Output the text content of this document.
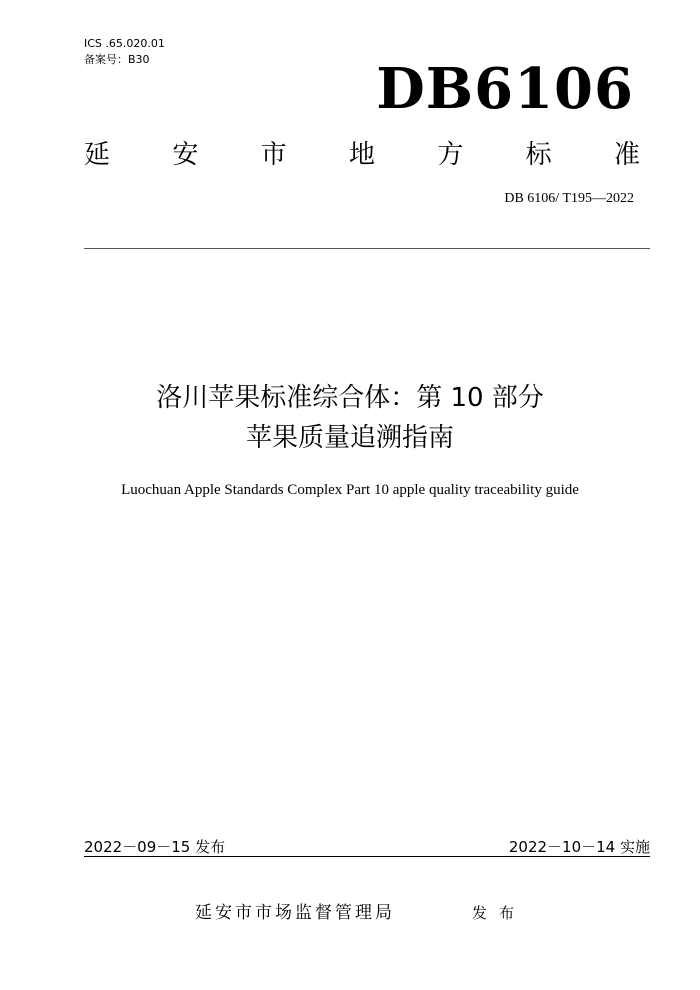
ICS .65.020.01
备案号：B30	DB6106
延 安 市 地 方 标 准
DB 6106/ T195—2022
洛川苹果标准综合体：第 10 部分
苹果质量追溯指南
Luochuan Apple Standards Complex Part 10 apple quality traceability guide
2022－09－15 发布	2022－10－14 实施
延安市市场监督管理局	发布
